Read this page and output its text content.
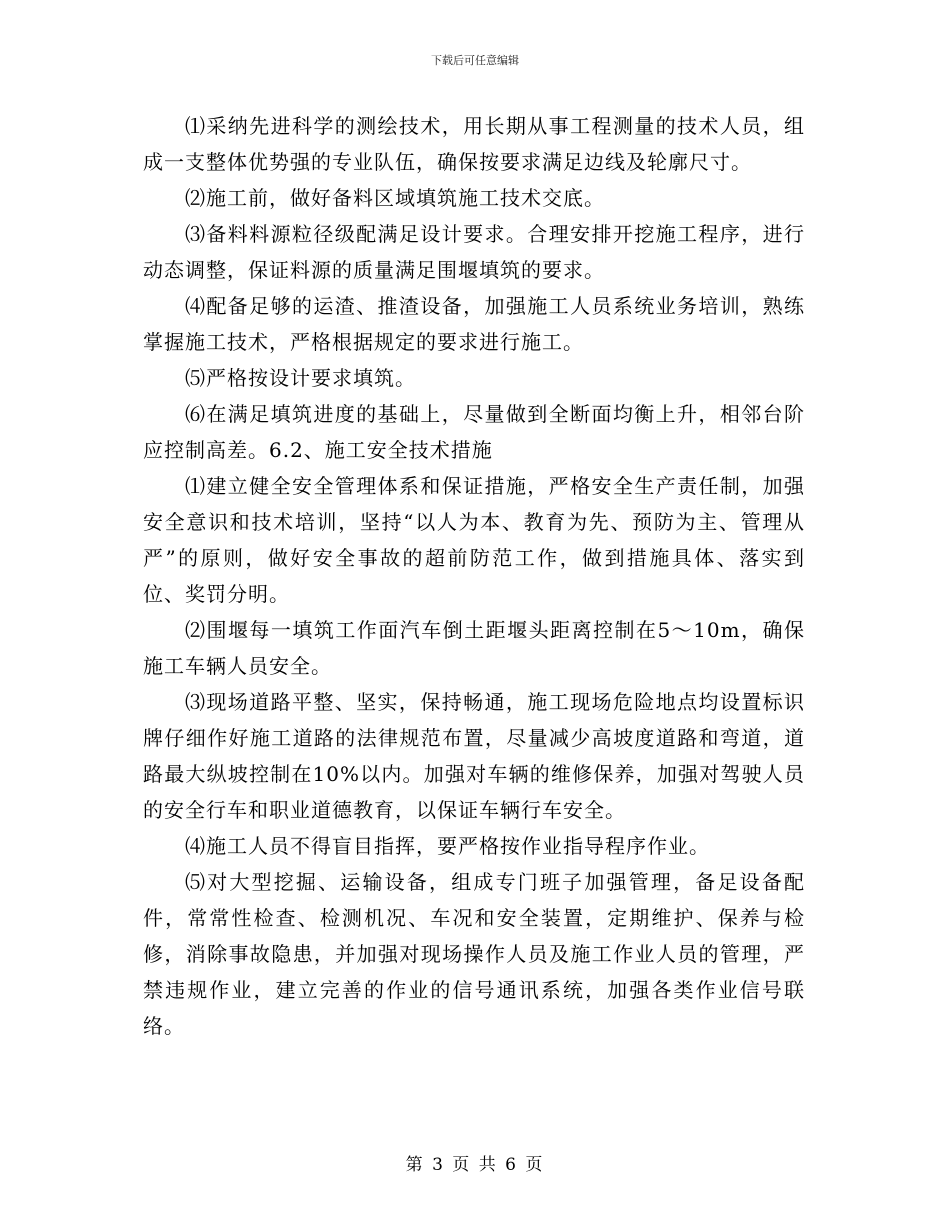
下载后可任意编辑

⑴采纳先进科学的测绘技术，用长期从事工程测量的技术人员，组成一支整体优势强的专业队伍，确保按要求满足边线及轮廓尺寸。

⑵施工前，做好备料区域填筑施工技术交底。

⑶备料料源粒径级配满足设计要求。合理安排开挖施工程序，进行动态调整，保证料源的质量满足围堰填筑的要求。

⑷配备足够的运渣、推渣设备，加强施工人员系统业务培训，熟练掌握施工技术，严格根据规定的要求进行施工。

⑸严格按设计要求填筑。

⑹在满足填筑进度的基础上，尽量做到全断面均衡上升，相邻台阶应控制高差。6.2、施工安全技术措施

⑴建立健全安全管理体系和保证措施，严格安全生产责任制，加强安全意识和技术培训，坚持“以人为本、教育为先、预防为主、管理从严”的原则，做好安全事故的超前防范工作，做到措施具体、落实到位、奖罚分明。

⑵围堰每一填筑工作面汽车倒土距堰头距离控制在5～10m，确保施工车辆人员安全。

⑶现场道路平整、坚实，保持畅通，施工现场危险地点均设置标识牌仔细作好施工道路的法律规范布置，尽量减少高坡度道路和弯道，道路最大纵坡控制在10%以内。加强对车辆的维修保养，加强对驾驶人员的安全行车和职业道德教育，以保证车辆行车安全。

⑷施工人员不得盲目指挥，要严格按作业指导程序作业。

⑸对大型挖掘、运输设备，组成专门班子加强管理，备足设备配件，常常性检查、检测机况、车况和安全装置，定期维护、保养与检修，消除事故隐患，并加强对现场操作人员及施工作业人员的管理，严禁违规作业，建立完善的作业的信号通讯系统，加强各类作业信号联络。

第 3 页 共 6 页
